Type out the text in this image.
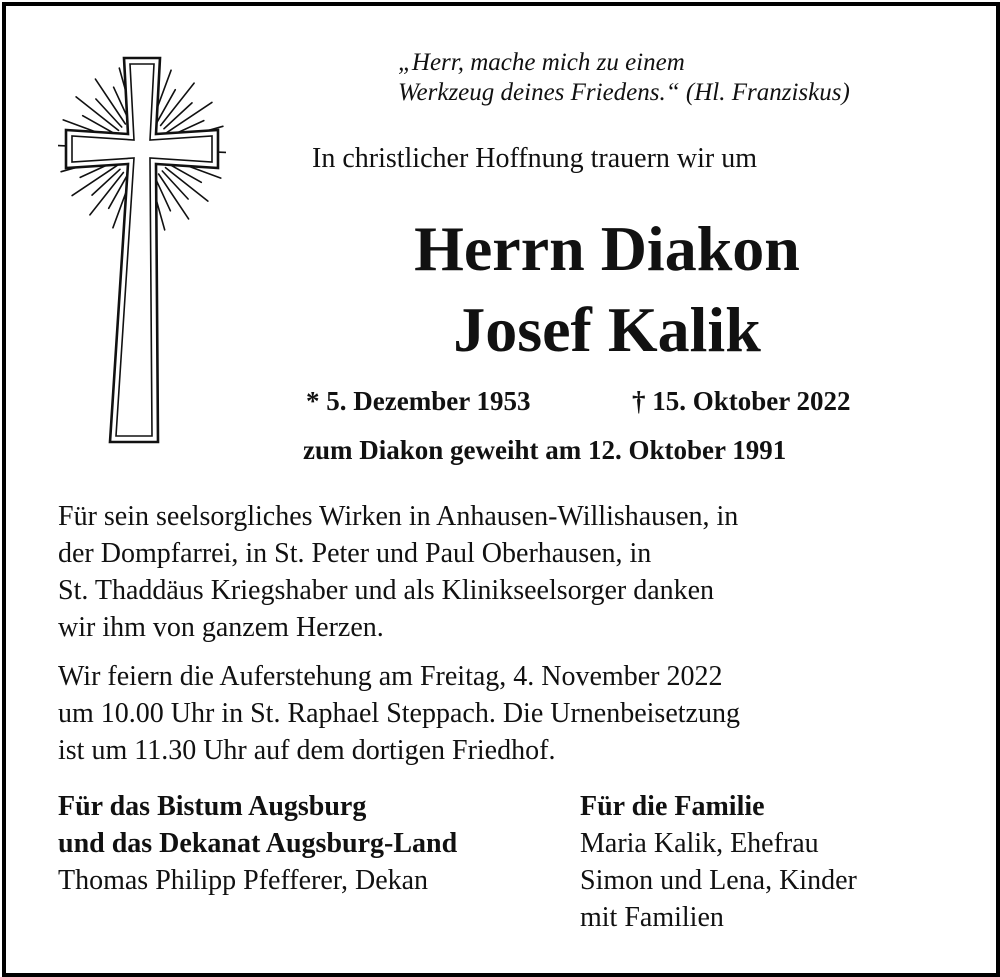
„Herr, mache mich zu einem
Werkzeug deines Friedens.“ (Hl. Franziskus)
In christlicher Hoffnung trauern wir um
Herrn Diakon
Josef Kalik
* 5. Dezember 1953	† 15. Oktober 2022
zum Diakon geweiht am 12. Oktober 1991
Für sein seelsorgliches Wirken in Anhausen-Willishausen, in
der Dompfarrei, in St. Peter und Paul Oberhausen, in
St. Thaddäus Kriegshaber und als Klinikseelsorger danken
wir ihm von ganzem Herzen.
Wir feiern die Auferstehung am Freitag, 4. November 2022
um 10.00 Uhr in St. Raphael Steppach. Die Urnenbeisetzung
ist um 11.30 Uhr auf dem dortigen Friedhof.
Für das Bistum Augsburg
und das Dekanat Augsburg-Land
Thomas Philipp Pfefferer, Dekan
Für die Familie
Maria Kalik, Ehefrau
Simon und Lena, Kinder
mit Familien
